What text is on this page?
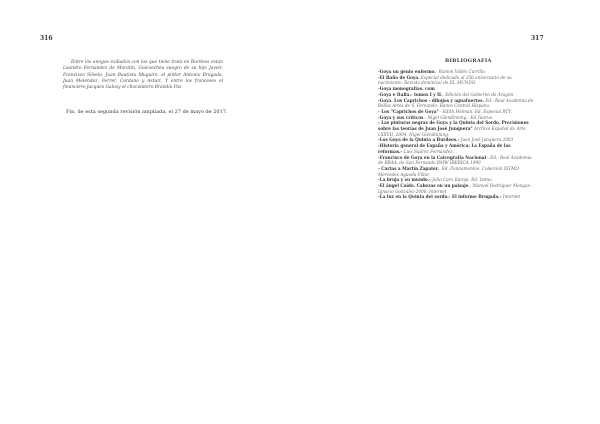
316

Entre los amigos exiliados con los que tiene trato en Burdeos están Leandro Fernández de Moratín, Goicoechea suegro de su hijo Javier, Francisco Silvela, Juan Bautista Muguiro, el pintor Antonio Brugada, Juan Meléndez, Ferrer, Cardano y Asturi. Y entre los franceses el financiero Jacques Galosy el chocolatero Brandio Pas.

Fin, de esta segunda revisión ampliada, el 27 de mayo de 2017.
317
BIBLIOGRAFIA
-Goya un genio enfermo.- Ramón Vallés Carrillo.
-El Baño de Goya. Especial dedicado al 250 aniversario de su nacimiento. Revista dominical de EL MUNDO.
-Goya monografías. com
-Goya e Italia.- tomos I y II.- Edición del Gobierno de Aragón
-Goya. Los Caprichos - dibujos y aguafuertes. Ed.- Real Academia de Bellas Artes de S. Fernando- Banco Central Hispano.
- Los "Caprichos de Goya" - Edith Helman. Ed. Especial RTV.
-Goya y sus críticos.- Nigel Glendinning.- Ed.Taurus.
- Las pinturas negras de Goya y la Quinta del Sordo. Precisiones sobre las teorías de Juan José Junquera" Archivo Español de Arte, LXXVII, 2004, Nigel Glendinning.
-Los Goya de la Quinta a Burdeos.- Juan José Junquera 2003
-Historia general de España y América: La España de las reformas.- Luis Suárez Fernández.
-Francisco de Goya en la Calcografía Nacional - Ed.- Real Academia de BRAA. de San Fernando BMW IBERICA 1990
- Cartas a Martín Zapater.- Ed. Fundamentos. Colección ISTMO- Mercedes Agueda Villar.
-La bruja y su mundo.- Julio Caro Baroja- Ed. Istmo.
-El ángel Caído. Cabezas en un paisaje.- Manuel Rodriguez Mangas- Ignacio González-2006, Internet
-La luz en la Quinta del sordo.- El informe Brugada.- Internet
